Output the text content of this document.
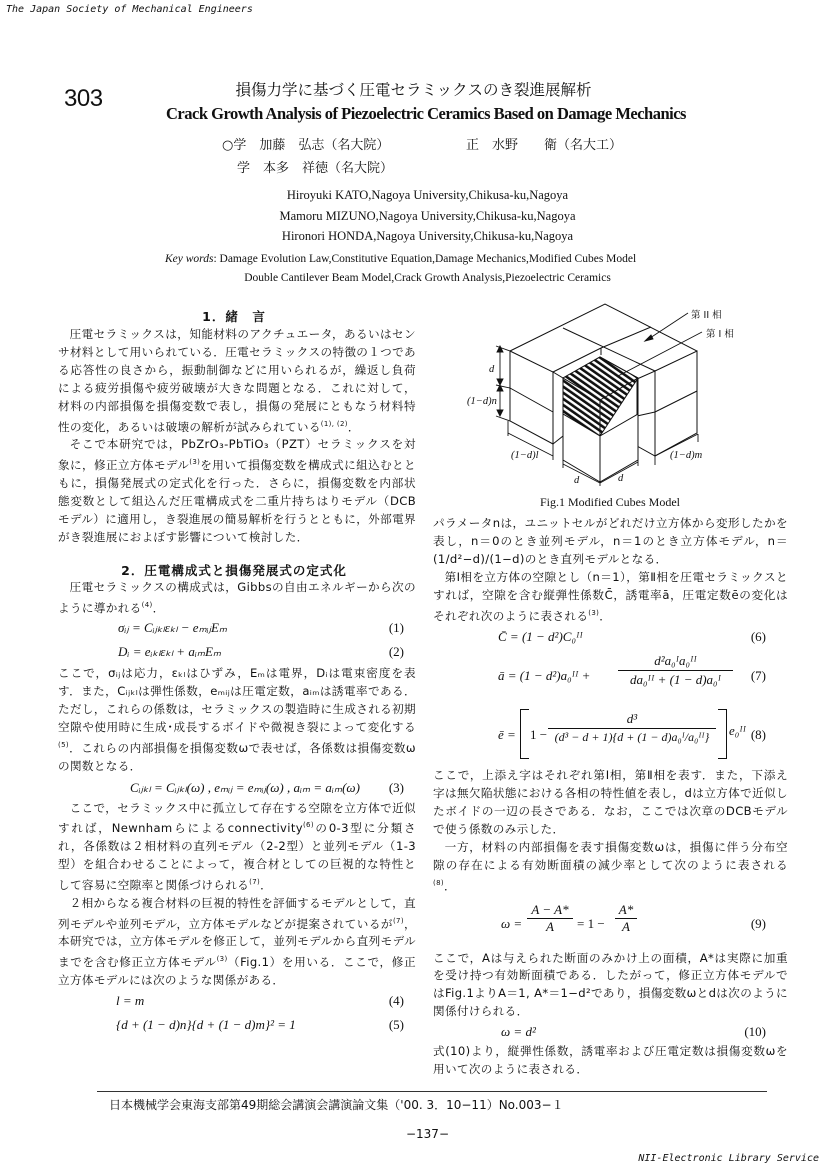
The Japan Society of Mechanical Engineers
303	損傷力学に基づく圧電セラミックスのき裂進展解析
Crack Growth Analysis of Piezoelectric Ceramics Based on Damage Mechanics
○学　加藤　弘志（名大院）	正　水野　　衛（名大工）
学　本多　祥徳（名大院）
Hiroyuki KATO,Nagoya University,Chikusa-ku,Nagoya
Mamoru MIZUNO,Nagoya University,Chikusa-ku,Nagoya
Hironori HONDA,Nagoya University,Chikusa-ku,Nagoya
Key words: Damage Evolution Law,Constitutive Equation,Damage Mechanics,Modified Cubes Model
Double Cantilever Beam Model,Crack Growth Analysis,Piezoelectric Ceramics
1．緒　言
圧電セラミックスは，知能材料のアクチュエータ，あるいはセンサ材料として用いられている．圧電セラミックスの特徴の１つである応答性の良さから，振動制御などに用いられるが，繰返し負荷による疲労損傷や疲労破壊が大きな問題となる．これに対して，材料の内部損傷を損傷変数で表し，損傷の発展にともなう材料特性の変化，あるいは破壊の解析が試みられている$^{(1), (2)}$．
そこで本研究では，PbZrO₃-PbTiO₃（PZT）セラミックスを対象に，修正立方体モデル$^{(3)}$を用いて損傷変数を構成式に組込むとともに，損傷発展式の定式化を行った．さらに，損傷変数を内部状態変数として組込んだ圧電構成式を二重片持ちはりモデル（DCBモデル）に適用し，き裂進展の簡易解析を行うとともに，外部電界がき裂進展におよぼす影響について検討した．
2．圧電構成式と損傷発展式の定式化
圧電セラミックスの構成式は，Gibbsの自由エネルギーから次のように導かれる$^{(4)}$．
σᵢⱼ = Cᵢⱼₖₗεₖₗ − eₘᵢⱼEₘ	(1)
Dᵢ = eᵢₖₗεₖₗ + aᵢₘEₘ	(2)
ここで，σᵢⱼは応力，εₖₗはひずみ，Eₘは電界，Dᵢは電束密度を表す．また，Cᵢⱼₖₗは弾性係数，eₘᵢⱼは圧電定数，aᵢₘは誘電率である．ただし，これらの係数は，セラミックスの製造時に生成される初期空隙や使用時に生成･成長するボイドや微視き裂によって変化する$^{(5)}$．これらの内部損傷を損傷変数ωで表せば，各係数は損傷変数ωの関数となる．
Cᵢⱼₖₗ = Cᵢⱼₖₗ(ω) , eₘᵢⱼ = eₘᵢⱼ(ω) , aᵢₘ = aᵢₘ(ω) (3)
ここで，セラミックス中に孤立して存在する空隙を立方体で近似すれば，Newnhamらによるconnectivity$^{(6)}$の0-3型に分類され，各係数は２相材料の直列モデル（2-2型）と並列モデル（1-3型）を組合わせることによって，複合材としての巨視的な特性として容易に空隙率と関係づけられる$^{(7)}$．
２相からなる複合材料の巨視的特性を評価するモデルとして，直列モデルや並列モデル，立方体モデルなどが提案されているが$^{(7)}$，本研究では，立方体モデルを修正して，並列モデルから直列モデルまでを含む修正立方体モデル$^{(3)}$（Fig.1）を用いる．ここで，修正立方体モデルには次のような関係がある．
l = m	(4)
{d + (1 − d)n}{d + (1 − d)m}² = 1	(5)
第 II 相
第 I 相
d
(1−d)n
(1−d)l	(1−d)m
d	d
Fig.1 Modified Cubes Model
パラメータnは，ユニットセルがどれだけ立方体から変形したかを表し，n＝0のとき並列モデル，n＝1のとき立方体モデル，n＝(1/d²−d)/(1−d)のとき直列モデルとなる．
第Ⅰ相を立方体の空隙とし（n＝1），第Ⅱ相を圧電セラミックスとすれば，空隙を含む縦弾性係数C̄，誘電率ā，圧電定数ēの変化はそれぞれ次のように表される$^{(3)}$．
C̄ = (1 − d²)C₀ᴵᴵ	(6)
ā = (1 − d²)a₀ᴵᴵ + $\frac{\text{d²a₀ᴵa₀ᴵᴵ}}{\text{da₀ᴵᴵ + (1 − d)a₀ᴵ}} (7)$
ē = $1 - \frac{\text{d³}}{\text{(d³ − d + 1)\{d + (1 − d)a₀ᴵ/a₀ᴵᴵ\}}}$ e₀ᴵᴵ (8)
ここで，上添え字はそれぞれ第Ⅰ相，第Ⅱ相を表す．また，下添え字は無欠陥状態における各相の特性値を表し，dは立方体で近似したボイドの一辺の長さである．なお，ここでは次章のDCBモデルで使う係数のみ示した．
一方，材料の内部損傷を表す損傷変数ωは，損傷に伴う分布空隙の存在による有効断面積の減少率として次のように表される$^{(8)}$．
$\omega = \frac{A - A*}{A} = 1 - \frac{A*}{A}$	(9)
ここで，Aは与えられた断面のみかけ上の面積，A*は実際に加重を受け持つ有効断面積である．したがって，修正立方体モデルではFig.1よりA＝1, A*＝1−d²であり，損傷変数ωとdは次のように関係付けられる．
ω = d²	(10)
式(10)より，縦弾性係数，誘電率および圧電定数は損傷変数ωを用いて次のように表される．
日本機械学会東海支部第49期総会講演会講演論文集（'00. 3．10−11）No.003−１
−137−
NII-Electronic Library Service
